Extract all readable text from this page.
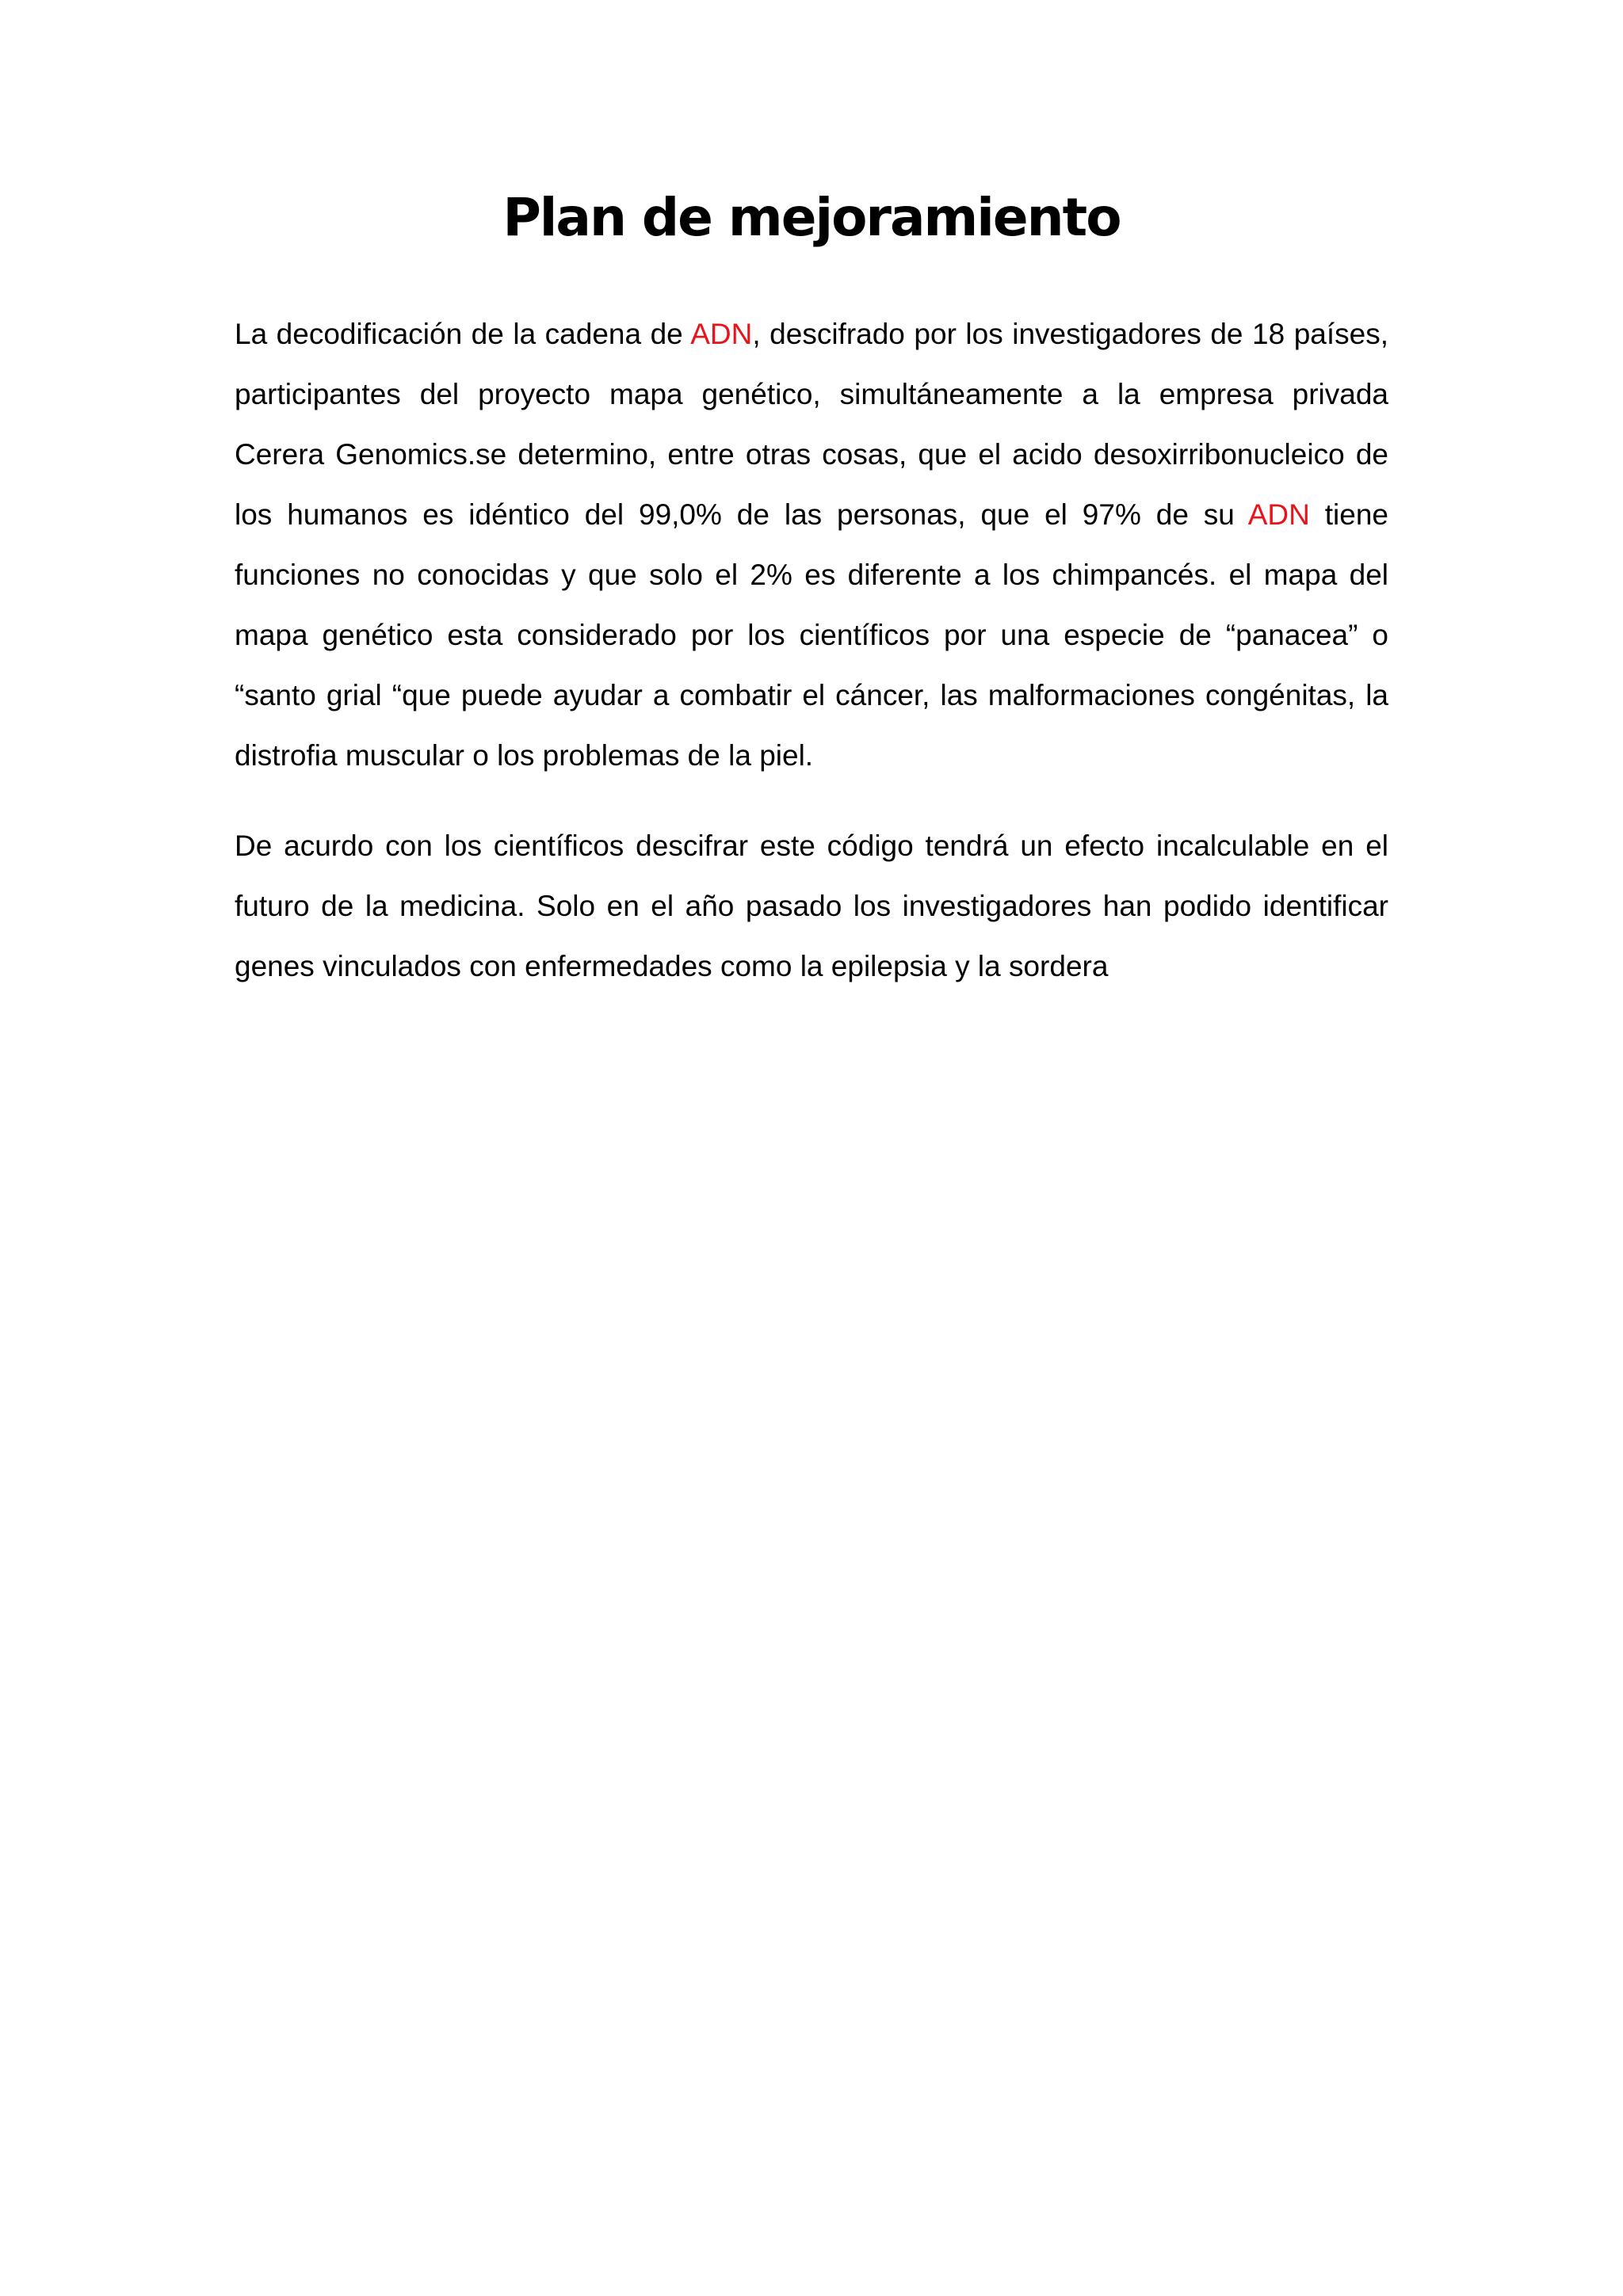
Plan de mejoramiento

La decodificación de la cadena de ADN, descifrado por los investigadores de 18 países, participantes del proyecto mapa genético, simultáneamente a la empresa privada Cerera Genomics.se determino, entre otras cosas, que el acido desoxirribonucleico de los humanos es idéntico del 99,0% de las personas, que el 97% de su ADN tiene funciones no conocidas y que solo el 2% es diferente a los chimpancés. el mapa del mapa genético esta considerado por los científicos por una especie de “panacea” o “santo grial “que puede ayudar a combatir el cáncer, las malformaciones congénitas, la distrofia muscular o los problemas de la piel.

De acurdo con los científicos descifrar este código tendrá un efecto incalculable en el futuro de la medicina. Solo en el año pasado los investigadores han podido identificar genes vinculados con enfermedades como la epilepsia y la sordera
